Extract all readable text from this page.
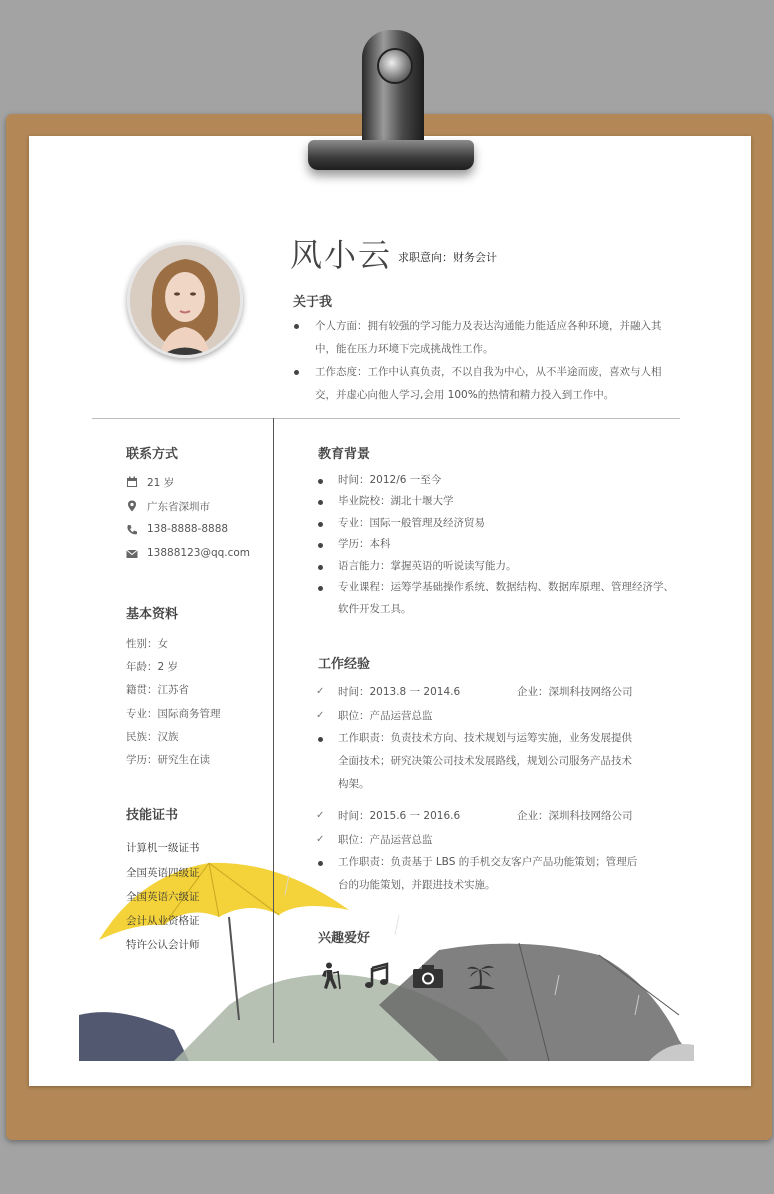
风小云 求职意向：财务会计
关于我
个人方面：拥有较强的学习能力及表达沟通能力能适应各种环境，并融入其
中，能在压力环境下完成挑战性工作。
工作态度：工作中认真负责，不以自我为中心，从不半途而废，喜欢与人相
交，并虚心向他人学习,会用 100%的热情和精力投入到工作中。
联系方式
21 岁
广东省深圳市
138-8888-8888
13888123@qq.com
基本资料
性别：女
年龄：2 岁
籍贯：江苏省
专业：国际商务管理
民族：汉族
学历：研究生在读
技能证书
计算机一级证书
全国英语四级证
全国英语六级证
会计从业资格证
特许公认会计师
教育背景
时间：2012/6 一至今
毕业院校：湖北十堰大学
专业：国际一般管理及经济贸易
学历：本科
语言能力：掌握英语的听说读写能力。
专业课程：运筹学基础操作系统、数据结构、数据库原理、管理经济学、
软件开发工具。
工作经验
✓ 时间：2013.8 一 2014.6	企业：深圳科技网络公司
✓ 职位：产品运营总监
工作职责：负责技术方向、技术规划与运筹实施，业务发展提供
全面技术；研究决策公司技术发展路线，规划公司服务产品技术
构架。
✓ 时间：2015.6 一 2016.6	企业：深圳科技网络公司
✓ 职位：产品运营总监
工作职责：负责基于 LBS 的手机交友客户产品功能策划；管理后
台的功能策划，并跟进技术实施。
兴趣爱好
